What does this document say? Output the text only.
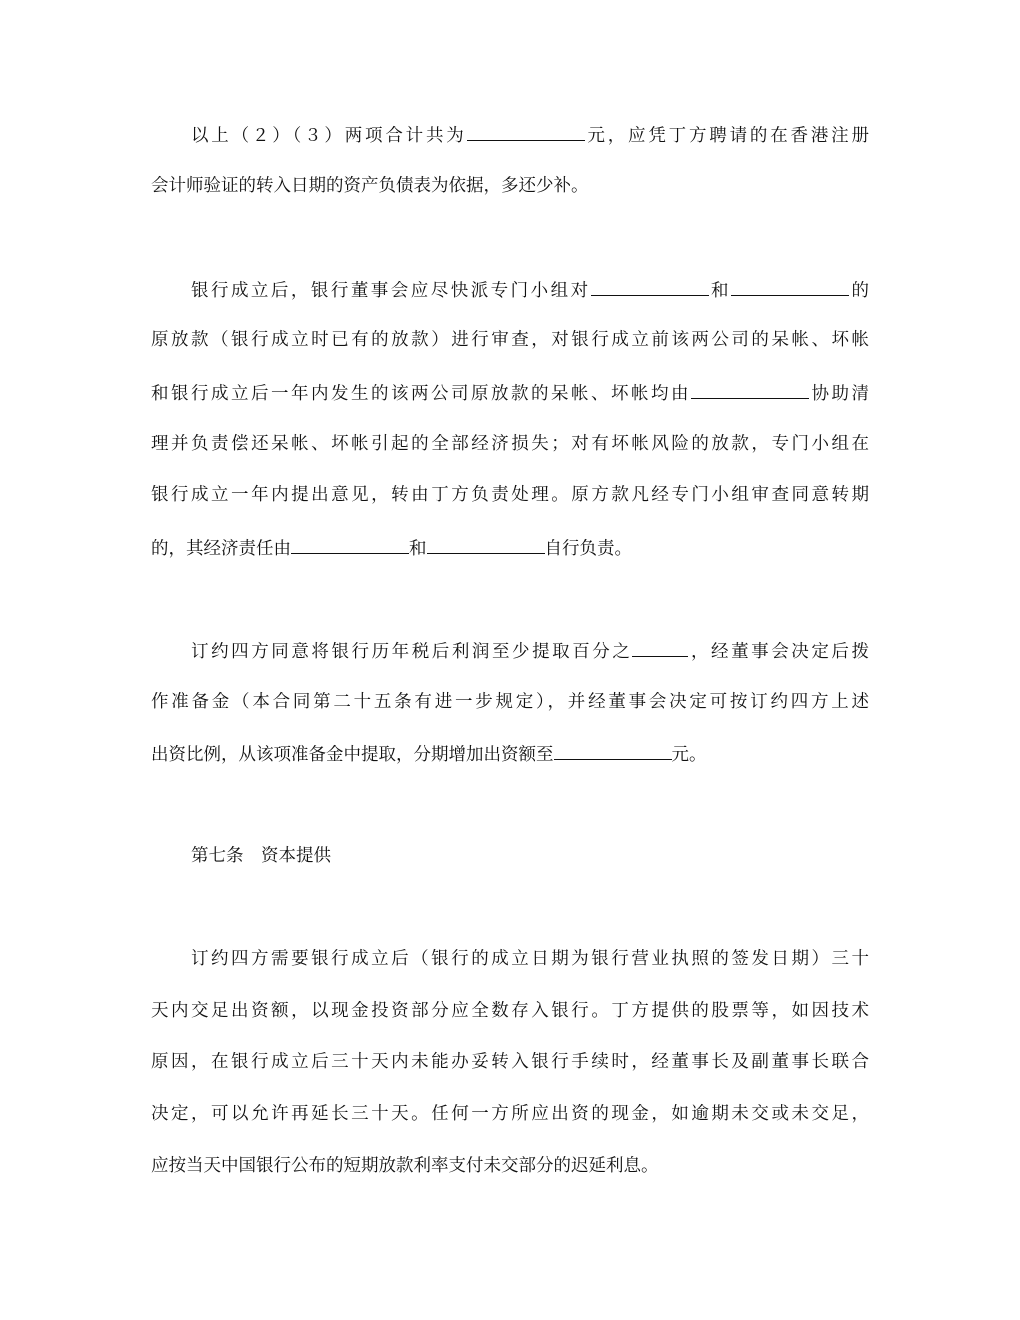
以上（２）（３）两项合计共为	元，应凭丁方聘请的在香港注册
会计师验证的转入日期的资产负债表为依据，多还少补。
银行成立后，银行董事会应尽快派专门小组对	和	的
原放款（银行成立时已有的放款）进行审查，对银行成立前该两公司的呆帐、坏帐
和银行成立后一年内发生的该两公司原放款的呆帐、坏帐均由	协助清
理并负责偿还呆帐、坏帐引起的全部经济损失；对有坏帐风险的放款，专门小组在
银行成立一年内提出意见，转由丁方负责处理。原方款凡经专门小组审查同意转期
的，其经济责任由	和	自行负责。
订约四方同意将银行历年税后利润至少提取百分之	，经董事会决定后拨
作准备金（本合同第二十五条有进一步规定），并经董事会决定可按订约四方上述
出资比例，从该项准备金中提取，分期增加出资额至	元。
第七条　资本提供
订约四方需要银行成立后（银行的成立日期为银行营业执照的签发日期）三十
天内交足出资额，以现金投资部分应全数存入银行。丁方提供的股票等，如因技术
原因，在银行成立后三十天内未能办妥转入银行手续时，经董事长及副董事长联合
决定，可以允许再延长三十天。任何一方所应出资的现金，如逾期未交或未交足，
应按当天中国银行公布的短期放款利率支付未交部分的迟延利息。
